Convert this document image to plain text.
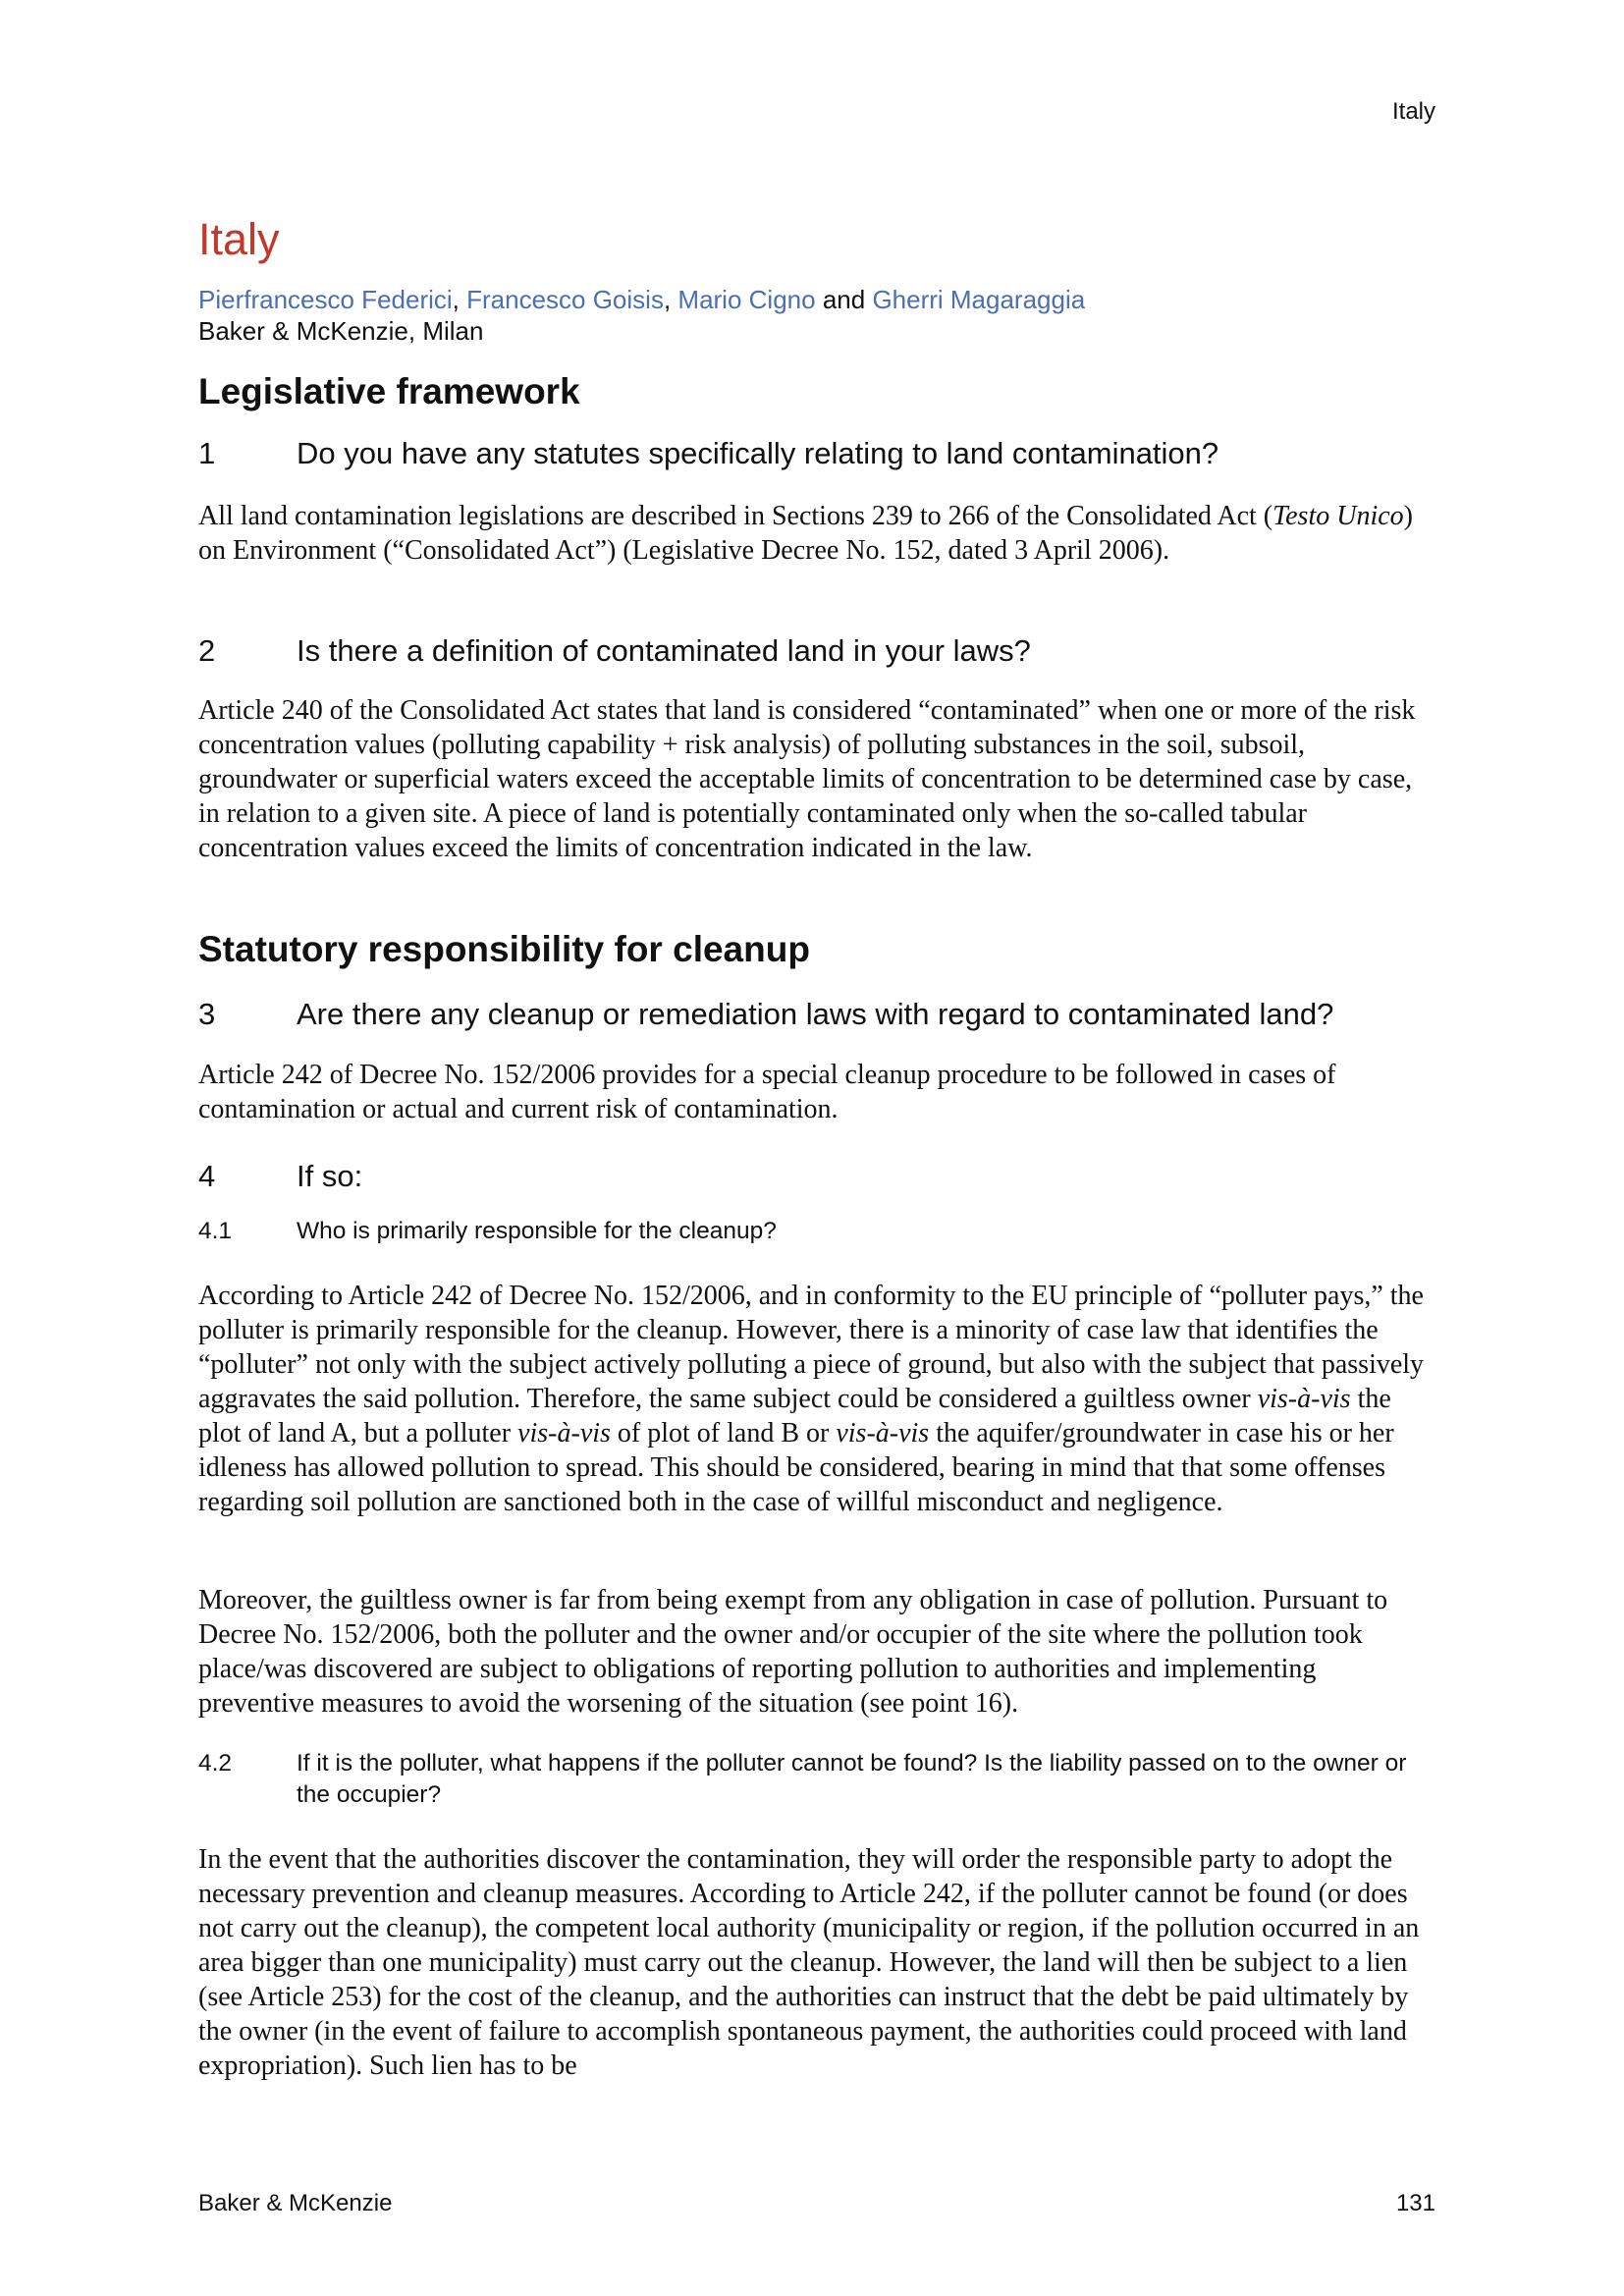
Italy
Italy
Pierfrancesco Federici, Francesco Goisis, Mario Cigno and Gherri Magaraggia
Baker & McKenzie, Milan
Legislative framework
1	Do you have any statutes specifically relating to land contamination?

All land contamination legislations are described in Sections 239 to 266 of the Consolidated Act (Testo Unico) on Environment (“Consolidated Act”) (Legislative Decree No. 152, dated 3 April 2006).

2	Is there a definition of contaminated land in your laws?

Article 240 of the Consolidated Act states that land is considered “contaminated” when one or more of the risk concentration values (polluting capability + risk analysis) of polluting substances in the soil, subsoil, groundwater or superficial waters exceed the acceptable limits of concentration to be determined case by case, in relation to a given site. A piece of land is potentially contaminated only when the so-called tabular concentration values exceed the limits of concentration indicated in the law.

Statutory responsibility for cleanup
3	Are there any cleanup or remediation laws with regard to contaminated land?

Article 242 of Decree No. 152/2006 provides for a special cleanup procedure to be followed in cases of contamination or actual and current risk of contamination.

4	If so:
4.1	Who is primarily responsible for the cleanup?

According to Article 242 of Decree No. 152/2006, and in conformity to the EU principle of “polluter pays,” the polluter is primarily responsible for the cleanup. However, there is a minority of case law that identifies the “polluter” not only with the subject actively polluting a piece of ground, but also with the subject that passively aggravates the said pollution. Therefore, the same subject could be considered a guiltless owner vis-à-vis the plot of land A, but a polluter vis-à-vis of plot of land B or vis-à-vis the aquifer/groundwater in case his or her idleness has allowed pollution to spread. This should be considered, bearing in mind that that some offenses regarding soil pollution are sanctioned both in the case of willful misconduct and negligence.

Moreover, the guiltless owner is far from being exempt from any obligation in case of pollution. Pursuant to Decree No. 152/2006, both the polluter and the owner and/or occupier of the site where the pollution took place/was discovered are subject to obligations of reporting pollution to authorities and implementing preventive measures to avoid the worsening of the situation (see point 16).

4.2	If it is the polluter, what happens if the polluter cannot be found? Is the liability passed on to the owner or the occupier?

In the event that the authorities discover the contamination, they will order the responsible party to adopt the necessary prevention and cleanup measures. According to Article 242, if the polluter cannot be found (or does not carry out the cleanup), the competent local authority (municipality or region, if the pollution occurred in an area bigger than one municipality) must carry out the cleanup. However, the land will then be subject to a lien (see Article 253) for the cost of the cleanup, and the authorities can instruct that the debt be paid ultimately by the owner (in the event of failure to accomplish spontaneous payment, the authorities could proceed with land expropriation). Such lien has to be

Baker & McKenzie	131
